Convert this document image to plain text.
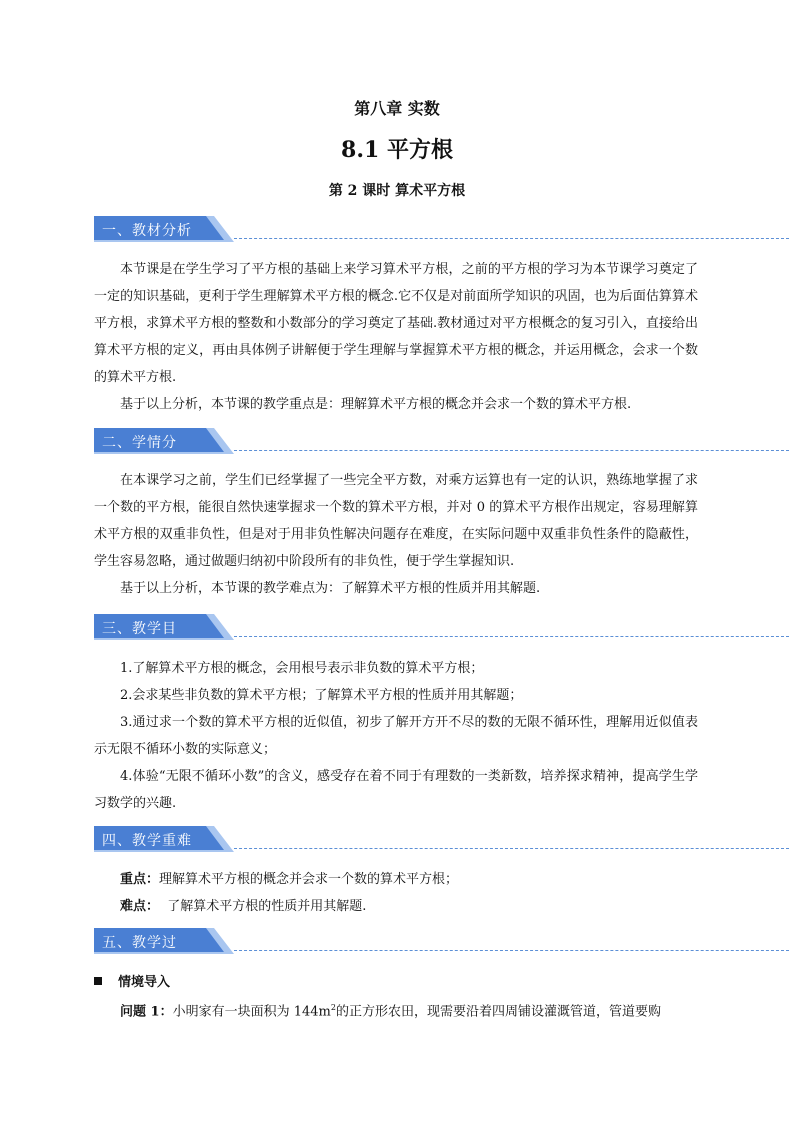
第八章 实数
8.1 平方根
第 2 课时 算术平方根
一、教材分析

本节课是在学生学习了平方根的基础上来学习算术平方根，之前的平方根的学习为本节课学习奠定了一定的知识基础，更利于学生理解算术平方根的概念.它不仅是对前面所学知识的巩固，也为后面估算算术平方根，求算术平方根的整数和小数部分的学习奠定了基础.教材通过对平方根概念的复习引入，直接给出算术平方根的定义，再由具体例子讲解便于学生理解与掌握算术平方根的概念，并运用概念，会求一个数的算术平方根.

基于以上分析，本节课的教学重点是：理解算术平方根的概念并会求一个数的算术平方根.

二、学情分

在本课学习之前，学生们已经掌握了一些完全平方数，对乘方运算也有一定的认识，熟练地掌握了求一个数的平方根，能很自然快速掌握求一个数的算术平方根，并对 0 的算术平方根作出规定，容易理解算术平方根的双重非负性，但是对于用非负性解决问题存在难度，在实际问题中双重非负性条件的隐蔽性，学生容易忽略，通过做题归纳初中阶段所有的非负性，便于学生掌握知识.

基于以上分析，本节课的教学难点为：了解算术平方根的性质并用其解题.

三、教学目

1.了解算术平方根的概念，会用根号表示非负数的算术平方根；

2.会求某些非负数的算术平方根；了解算术平方根的性质并用其解题；

3.通过求一个数的算术平方根的近似值，初步了解开方开不尽的数的无限不循环性，理解用近似值表示无限不循环小数的实际意义；

4.体验“无限不循环小数”的含义，感受存在着不同于有理数的一类新数，培养探求精神，提高学生学习数学的兴趣.

四、教学重难

重点：理解算术平方根的概念并会求一个数的算术平方根；

难点：  了解算术平方根的性质并用其解题.

五、教学过
情境导入
问题 1：小明家有一块面积为 $144m^2$的正方形农田，现需要沿着四周铺设灌溉管道，管道要购
